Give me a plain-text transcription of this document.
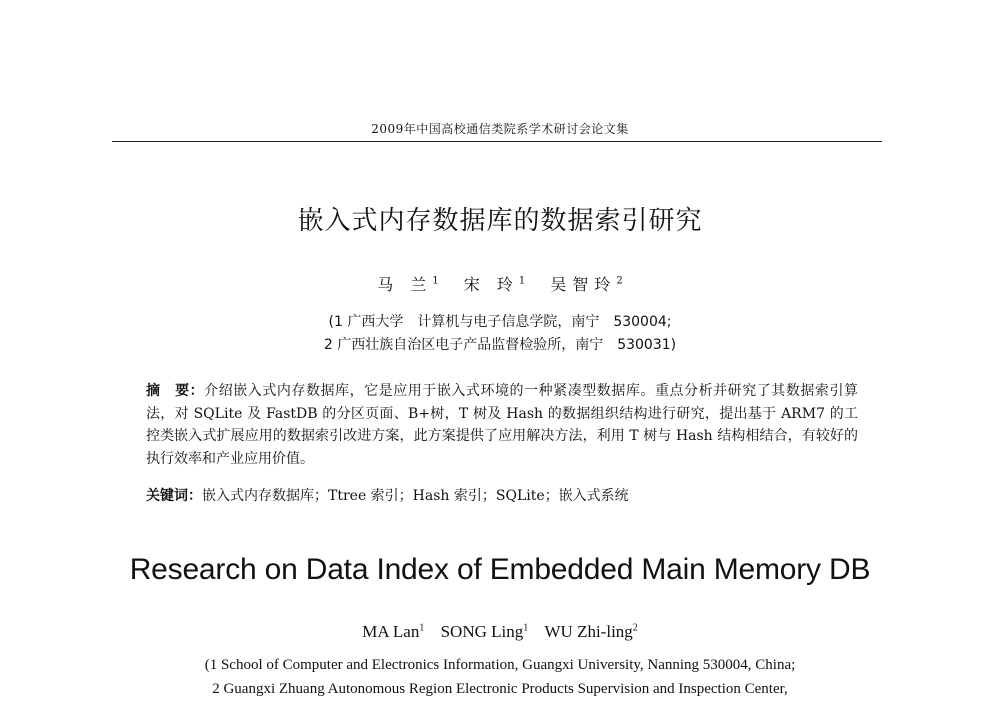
2009年中国高校通信类院系学术研讨会论文集
嵌入式内存数据库的数据索引研究
马 兰$^1$ 宋 玲$^1$ 吴智玲$^2$
(1 广西大学　计算机与电子信息学院，南宁　530004;
2 广西壮族自治区电子产品监督检验所，南宁　530031)
摘　要：介绍嵌入式内存数据库，它是应用于嵌入式环境的一种紧凑型数据库。重点分析并研究了其数据索引算法，对 SQLite 及 FastDB 的分区页面、B+树，T 树及 Hash 的数据组织结构进行研究，提出基于 ARM7 的工控类嵌入式扩展应用的数据索引改进方案，此方案提供了应用解决方法，利用 T 树与 Hash 结构相结合，有较好的执行效率和产业应用价值。
关键词：嵌入式内存数据库；Ttree 索引；Hash 索引；SQLite；嵌入式系统
Research on Data Index of Embedded Main Memory DB
MA Lan$^1$ SONG Ling$^1$ WU Zhi-ling$^2$
(1 School of Computer and Electronics Information, Guangxi University, Nanning 530004, China;
2 Guangxi Zhuang Autonomous Region Electronic Products Supervision and Inspection Center,
